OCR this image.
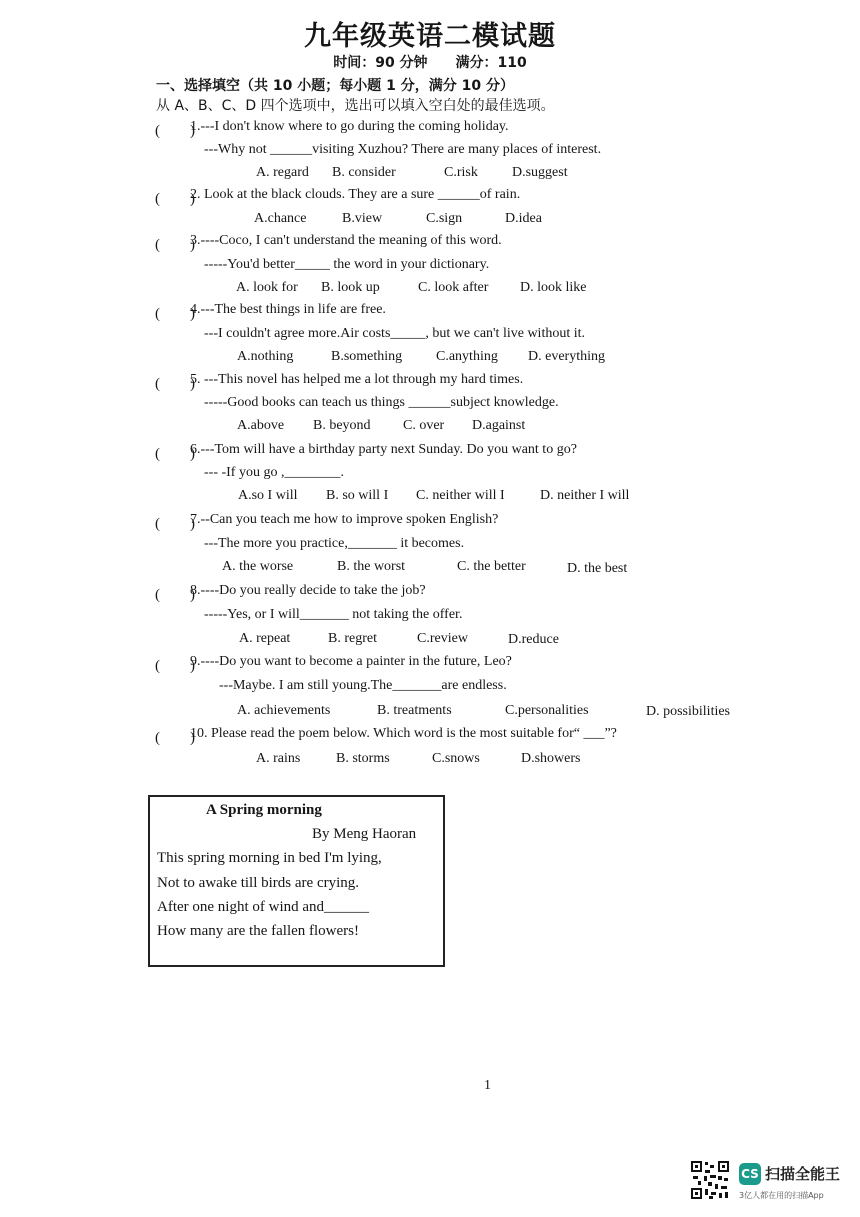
九年级英语二模试题
时间：90 分钟　　满分：110
一、选择填空（共 10 小题；每小题 1 分，满分 10 分）
从 A、B、C、D 四个选项中，选出可以填入空白处的最佳选项。
(　　)
1.---I don't know where to go during the coming holiday.
---Why not ______visiting Xuzhou? There are many places of interest.
A. regard B. consider	C.risk D.suggest
(　　)
2. Look at the black clouds. They are a sure ______of rain.
A.chance	B.view	C.sign	D.idea
(　　)
3.----Coco, I can't understand the meaning of this word.
-----You'd better_____ the word in your dictionary.
A. look for B. look up	C. look after D. look like
(　　)
4.---The best things in life are free.
---I couldn't agree more.Air costs_____, but we can't live without it.
A.nothing	B.something C.anything D. everything
(　　)
5. ---This novel has helped me a lot through my hard times.
-----Good books can teach us things ______subject knowledge.
A.above B. beyond C. over D.against
(　　)
6.---Tom will have a birthday party next Sunday. Do you want to go?
--- -If you go ,________.
A.so I will B. so will I C. neither will I	D. neither I will
(　　)
7.--Can you teach me how to improve spoken English?
---The more you practice,_______ it becomes.
A. the worse	B. the worst	C. the better	D. the best
(　　)
8.----Do you really decide to take the job?
-----Yes, or I will_______ not taking the offer.
A. repeat	B. regret	C.review	D.reduce
(　　)
9.----Do you want to become a painter in the future, Leo?
---Maybe. I am still young.The_______are endless.
A. achievements	B. treatments	C.personalities	D. possibilities
(　　)
10. Please read the poem below. Which word is the most suitable for“ ___”?
A. rains	B. storms	C.snows	D.showers
A Spring morning
By Meng Haoran
This spring morning in bed I'm lying,
Not to awake till birds are crying.
After one night of wind and______
How many are the fallen flowers!
1
CS 扫描全能王
3亿人都在用的扫描App
